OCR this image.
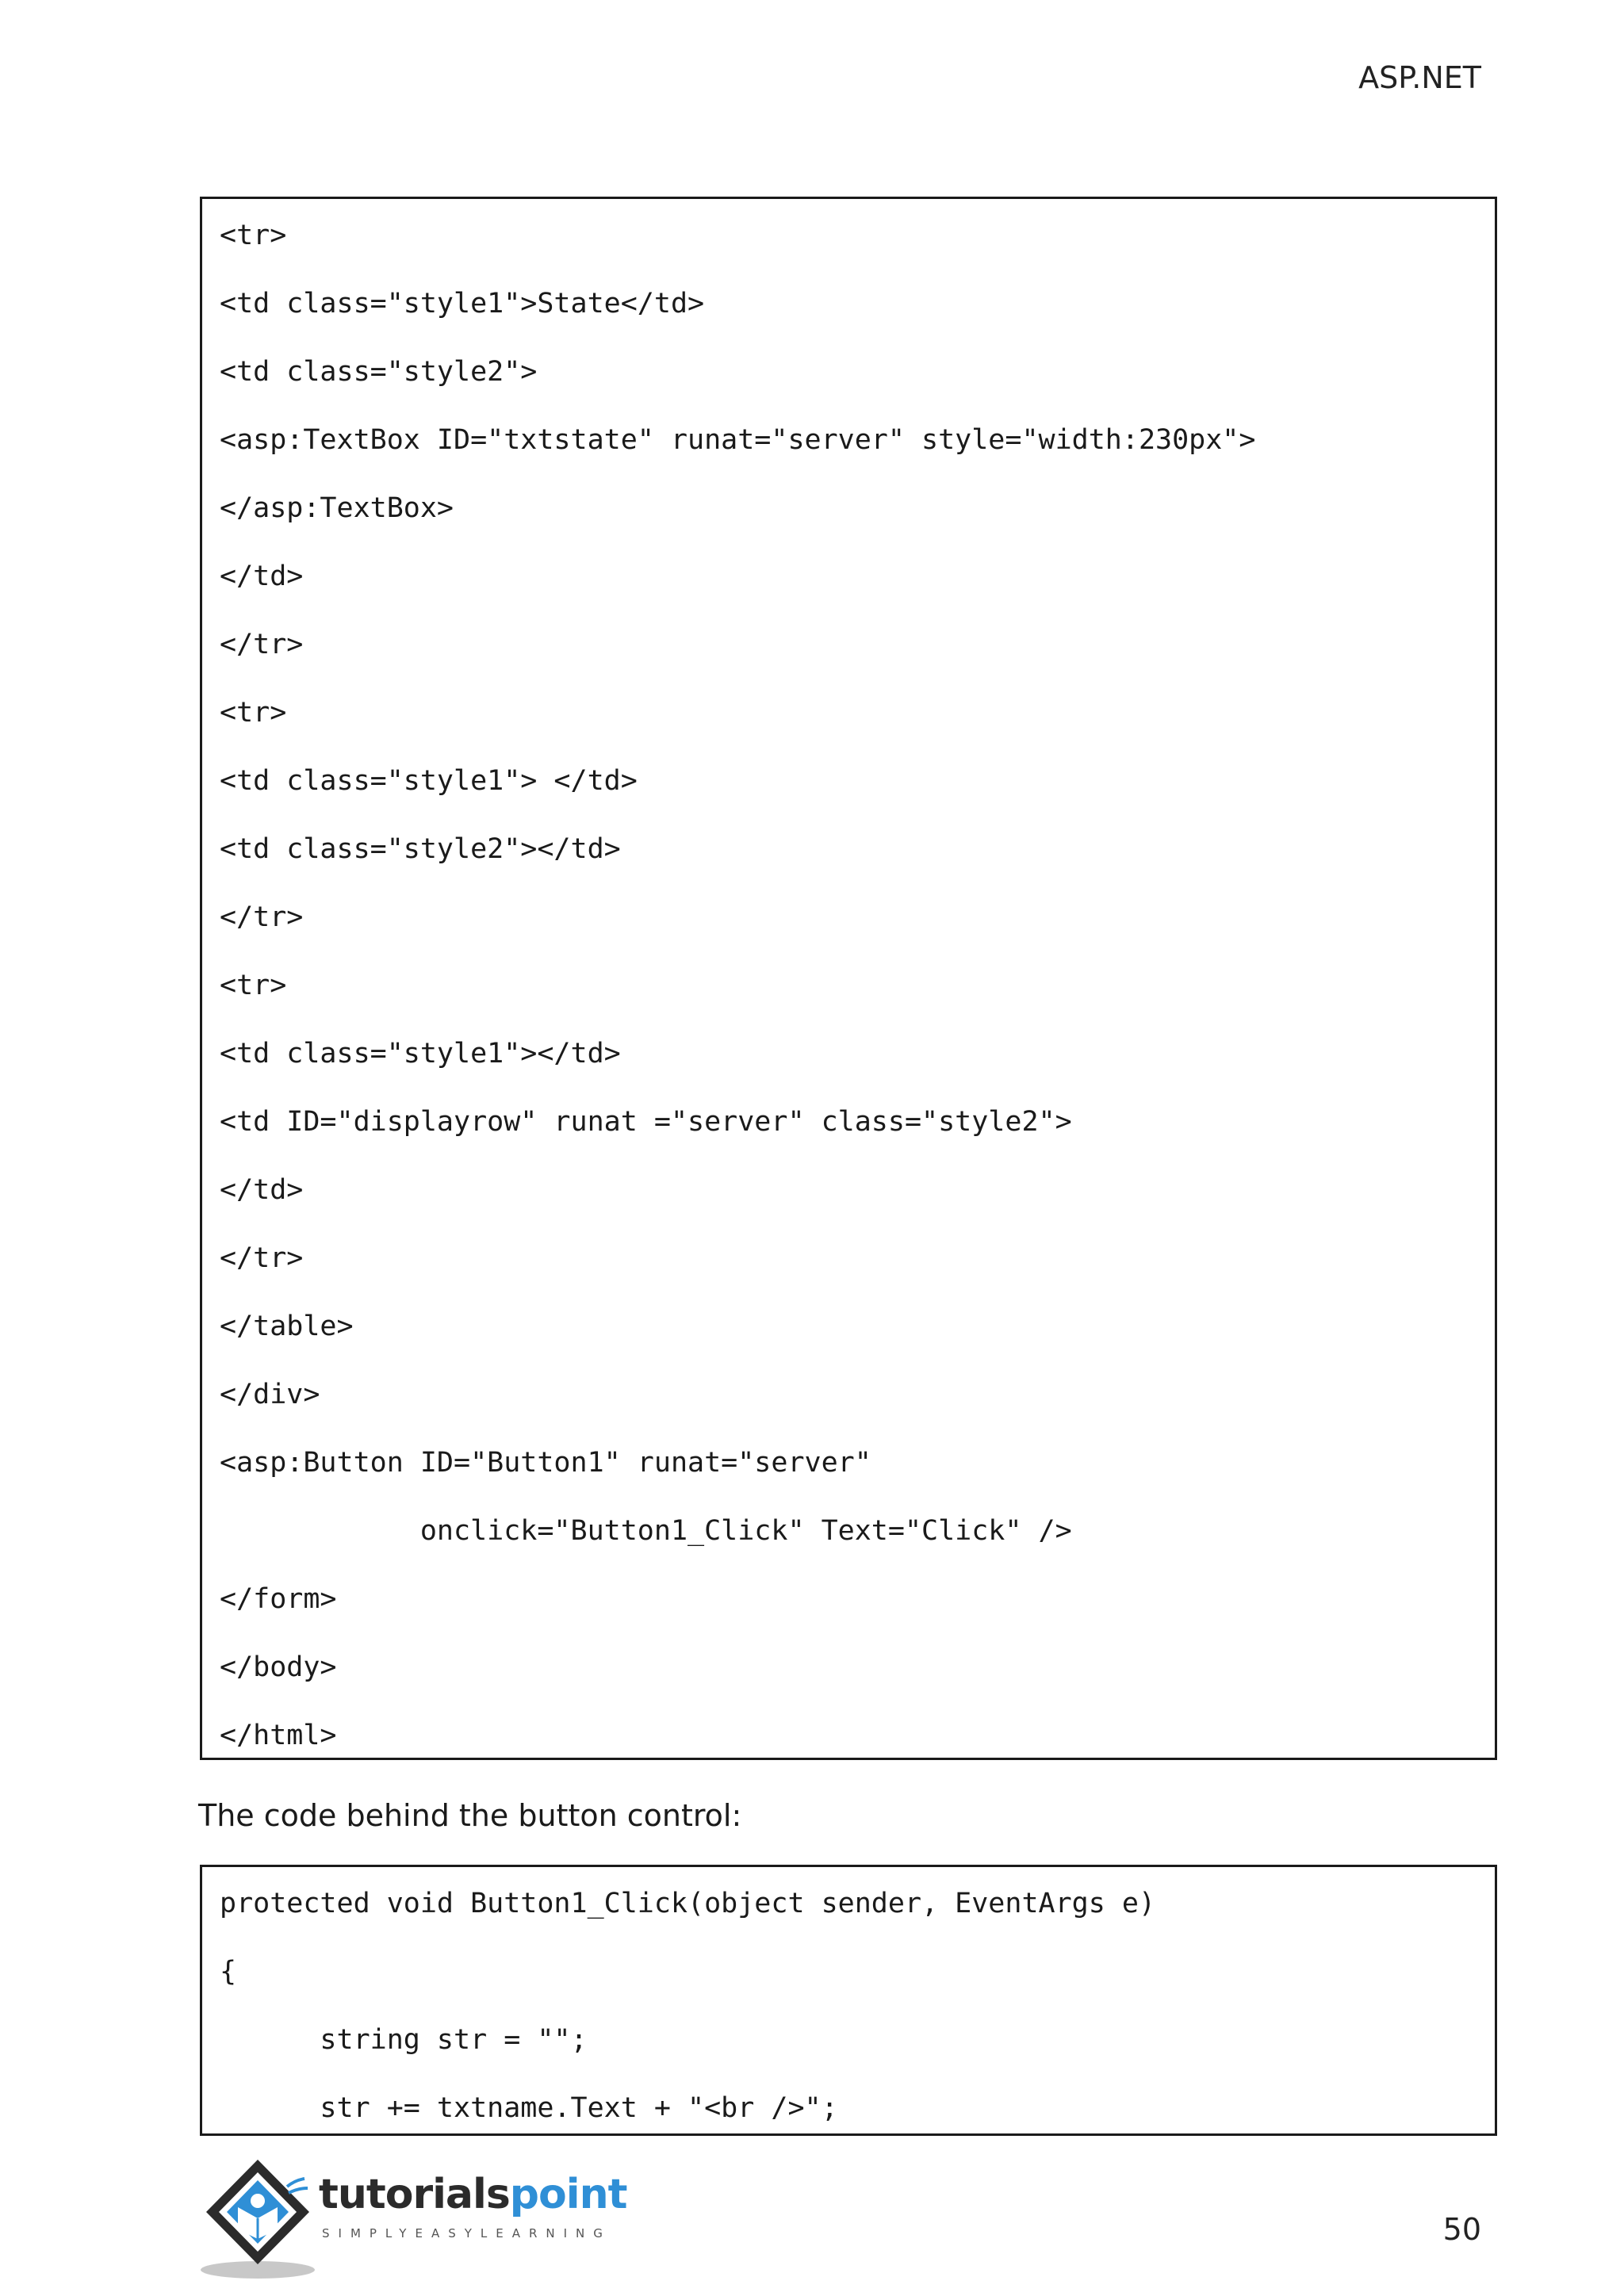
ASP.NET
<tr>
<td class="style1">State</td>
<td class="style2">
<asp:TextBox ID="txtstate" runat="server" style="width:230px">
</asp:TextBox>
</td>
</tr>
<tr>
<td class="style1"> </td>
<td class="style2"></td>
</tr>
<tr>
<td class="style1"></td>
<td ID="displayrow" runat ="server" class="style2">
</td>
</tr>
</table>
</div>
<asp:Button ID="Button1" runat="server"
onclick="Button1_Click" Text="Click" />
</form>
</body>
</html>
The code behind the button control:
protected void Button1_Click(object sender, EventArgs e)
{
string str = "";
str += txtname.Text + "<br />";
tutorialspoint
SIMPLYEASYLEARNING	50
